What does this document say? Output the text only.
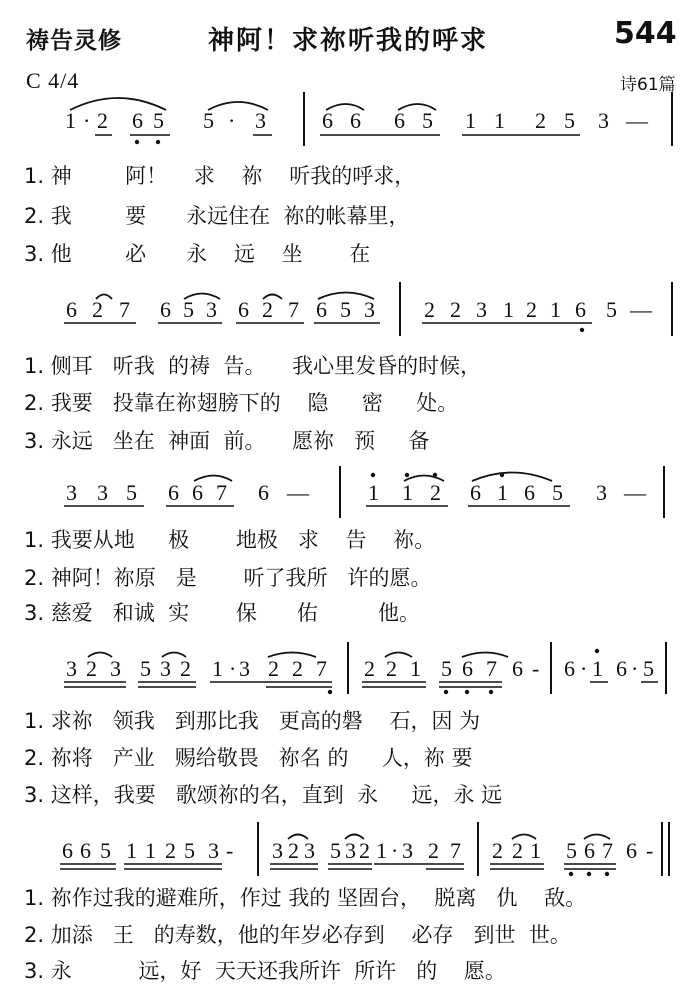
祷告灵修	神阿！求祢听我的呼求	544
C 4/4	诗61篇
1 · 2 6 5 5 · 3	6 6 6 5 1 1 2 5 3 —
1. 神        阿！    求    祢    听我的呼求，
2. 我        要      永远住在  祢的帐幕里，
3. 他        必      永    远    坐       在
6 2 7 6 5 3 6 2 7 6 5 3 2 2 3 1 2 1 6 5 —
1. 侧耳   听我  的祷  告。    我心里发昏的时候，
2. 我要   投靠在祢翅膀下的    隐     密     处。
3. 永远   坐在  神面  前。    愿祢   预     备
3 3 5 6 6 7 6 —	1 1 2 6 1 6 5 3 —
1. 我要从地     极       地极   求    告    祢。
2. 神阿！祢原   是       听了我所   许的愿。
3. 慈爱   和诚  实       保      佑         他。
3 2 3 5 3 2 1 · 3 2 2 7 2 2 1 5 6 7 6 - 6 · 1 6 · 5
1. 求祢   领我   到那比我   更高的磐    石，因 为
2. 祢将   产业   赐给敬畏   祢名 的     人，祢 要
3. 这样，我要   歌颂祢的名，直到  永     远，永 远
6 6 5 1 1 2 5 3 - 3 2 3 5 3 2 1 · 3 2 7 2 2 1 5 6 7 6 -
1. 祢作过我的避难所，作过 我的 坚固台，  脱离   仇    敌。
2. 加添   王   的寿数，他的年岁必存到    必存   到世  世。
3. 永          远，好  天天还我所许  所许   的    愿。
